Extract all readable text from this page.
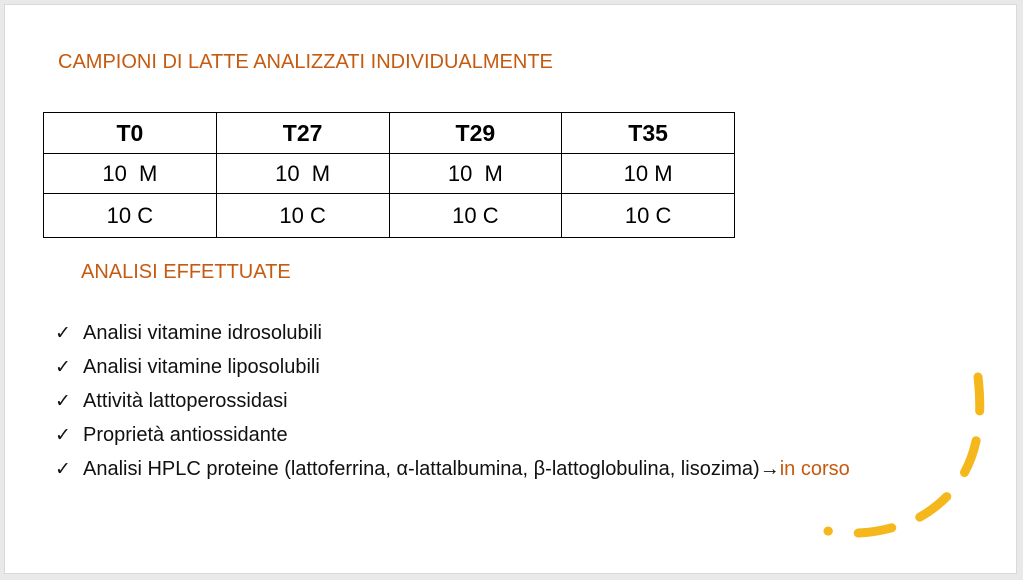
CAMPIONI DI LATTE ANALIZZATI INDIVIDUALMENTE
T0	T27	T29	T35
10  M	10  M	10  M	10 M
10 C	10 C	10 C	10 C
ANALISI EFFETTUATE
✓ Analisi vitamine idrosolubili
✓ Analisi vitamine liposolubili
✓ Attività lattoperossidasi
✓ Proprietà antiossidante
✓ Analisi HPLC proteine (lattoferrina, α-lattalbumina, β-lattoglobulina, lisozima)→in corso
